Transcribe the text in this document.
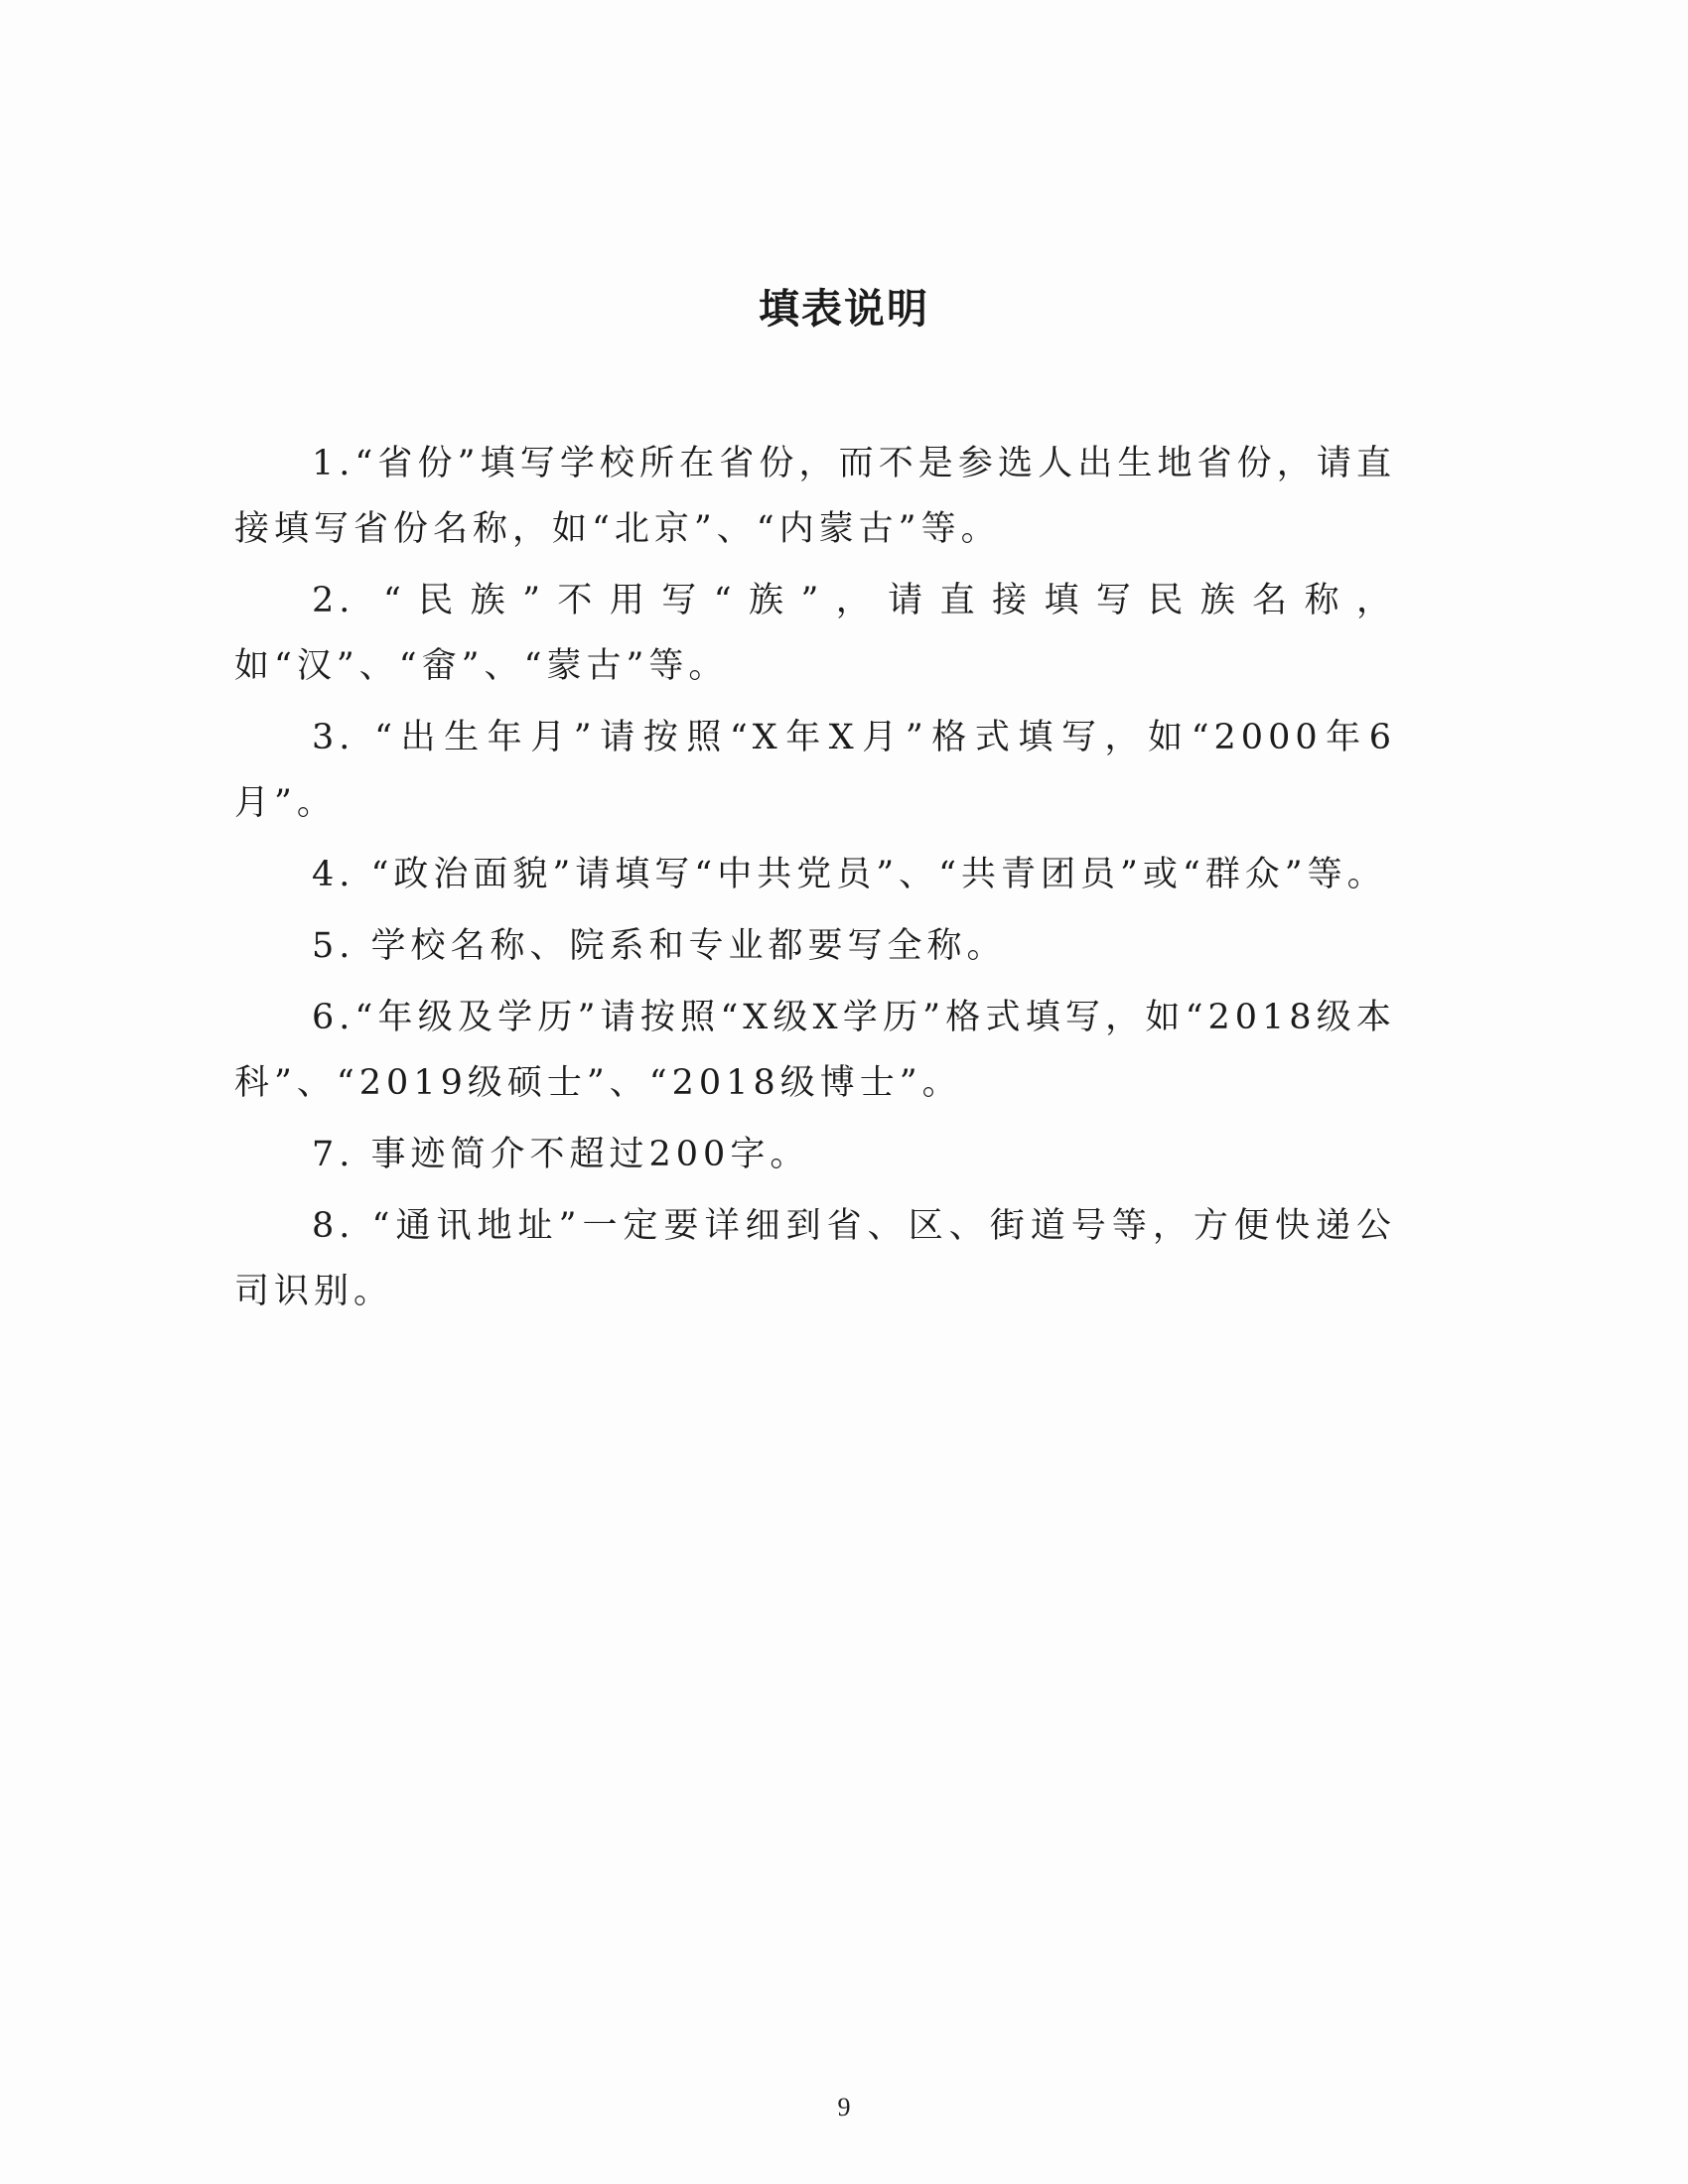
填表说明

1.“省份”填写学校所在省份，而不是参选人出生地省份，请直接填写省份名称，如“北京”、“内蒙古”等。

2. “民族”不用写“族”，请直接填写民族名称，如“汉”、“畲”、“蒙古”等。

3. “出生年月”请按照“X年X月”格式填写，如“2000年6月”。

4. “政治面貌”请填写“中共党员”、“共青团员”或“群众”等。

5. 学校名称、院系和专业都要写全称。

6.“年级及学历”请按照“X级X学历”格式填写，如“2018级本科”、“2019级硕士”、“2018级博士”。

7. 事迹简介不超过200字。

8. “通讯地址”一定要详细到省、区、街道号等，方便快递公司识别。

9
